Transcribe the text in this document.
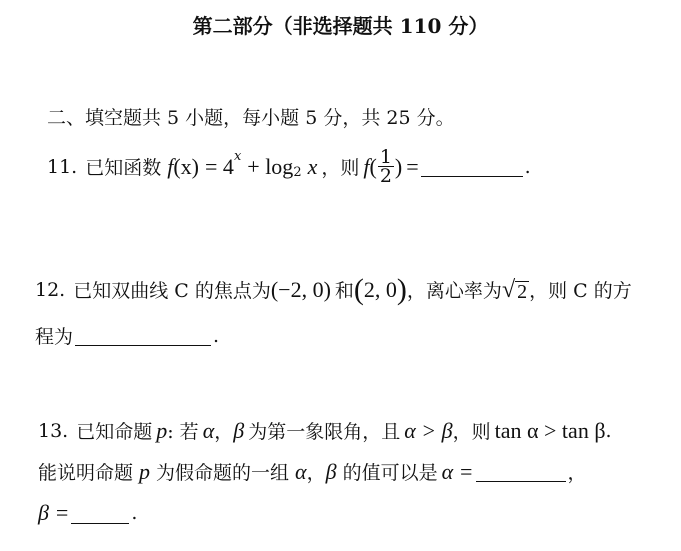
第二部分（非选择题共 110 分）
二、填空题共 5 小题，每小题 5 分，共 25 分。
11. 已知函数 f (x) = 4 x + log 2 x ，则 f ( $\frac{1}{2}$ ) =	.
12. 已知双曲线 C 的焦点为 (−2, 0) 和 ( 2, 0 ) ，离心率为 √ 2 ，则 C 的方
程为	.
13. 已知命题 p : 若 α ， β 为第一象限角，且 α > β ，则 tan α > tan β .
能说明命题 p 为假命题的一组 α ， β 的值可以是 α =	，
β =	.
